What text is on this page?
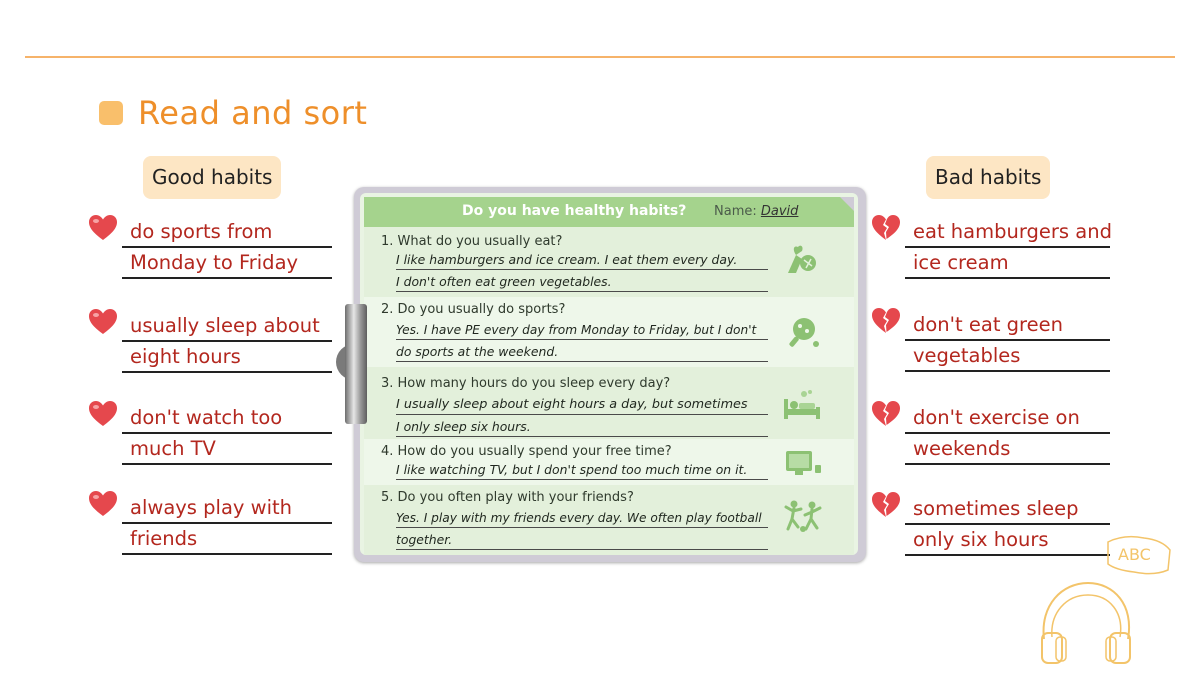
Read and sort
Good habits	Bad habits
do sports from
Monday to Friday
usually sleep about
eight hours
don't watch too
much TV
always play with
friends
eat hamburgers and
ice cream
don't eat green
vegetables
don't exercise on
weekends
sometimes sleep
only six hours
Do you have healthy habits? Name: David
1. What do you usually eat?
I like hamburgers and ice cream. I eat them every day.
I don't often eat green vegetables.
2. Do you usually do sports?
Yes. I have PE every day from Monday to Friday, but I don't
do sports at the weekend.
3. How many hours do you sleep every day?
I usually sleep about eight hours a day, but sometimes
I only sleep six hours.
4. How do you usually spend your free time?
I like watching TV, but I don't spend too much time on it.
5. Do you often play with your friends?
Yes. I play with my friends every day. We often play football
together.
ABC
